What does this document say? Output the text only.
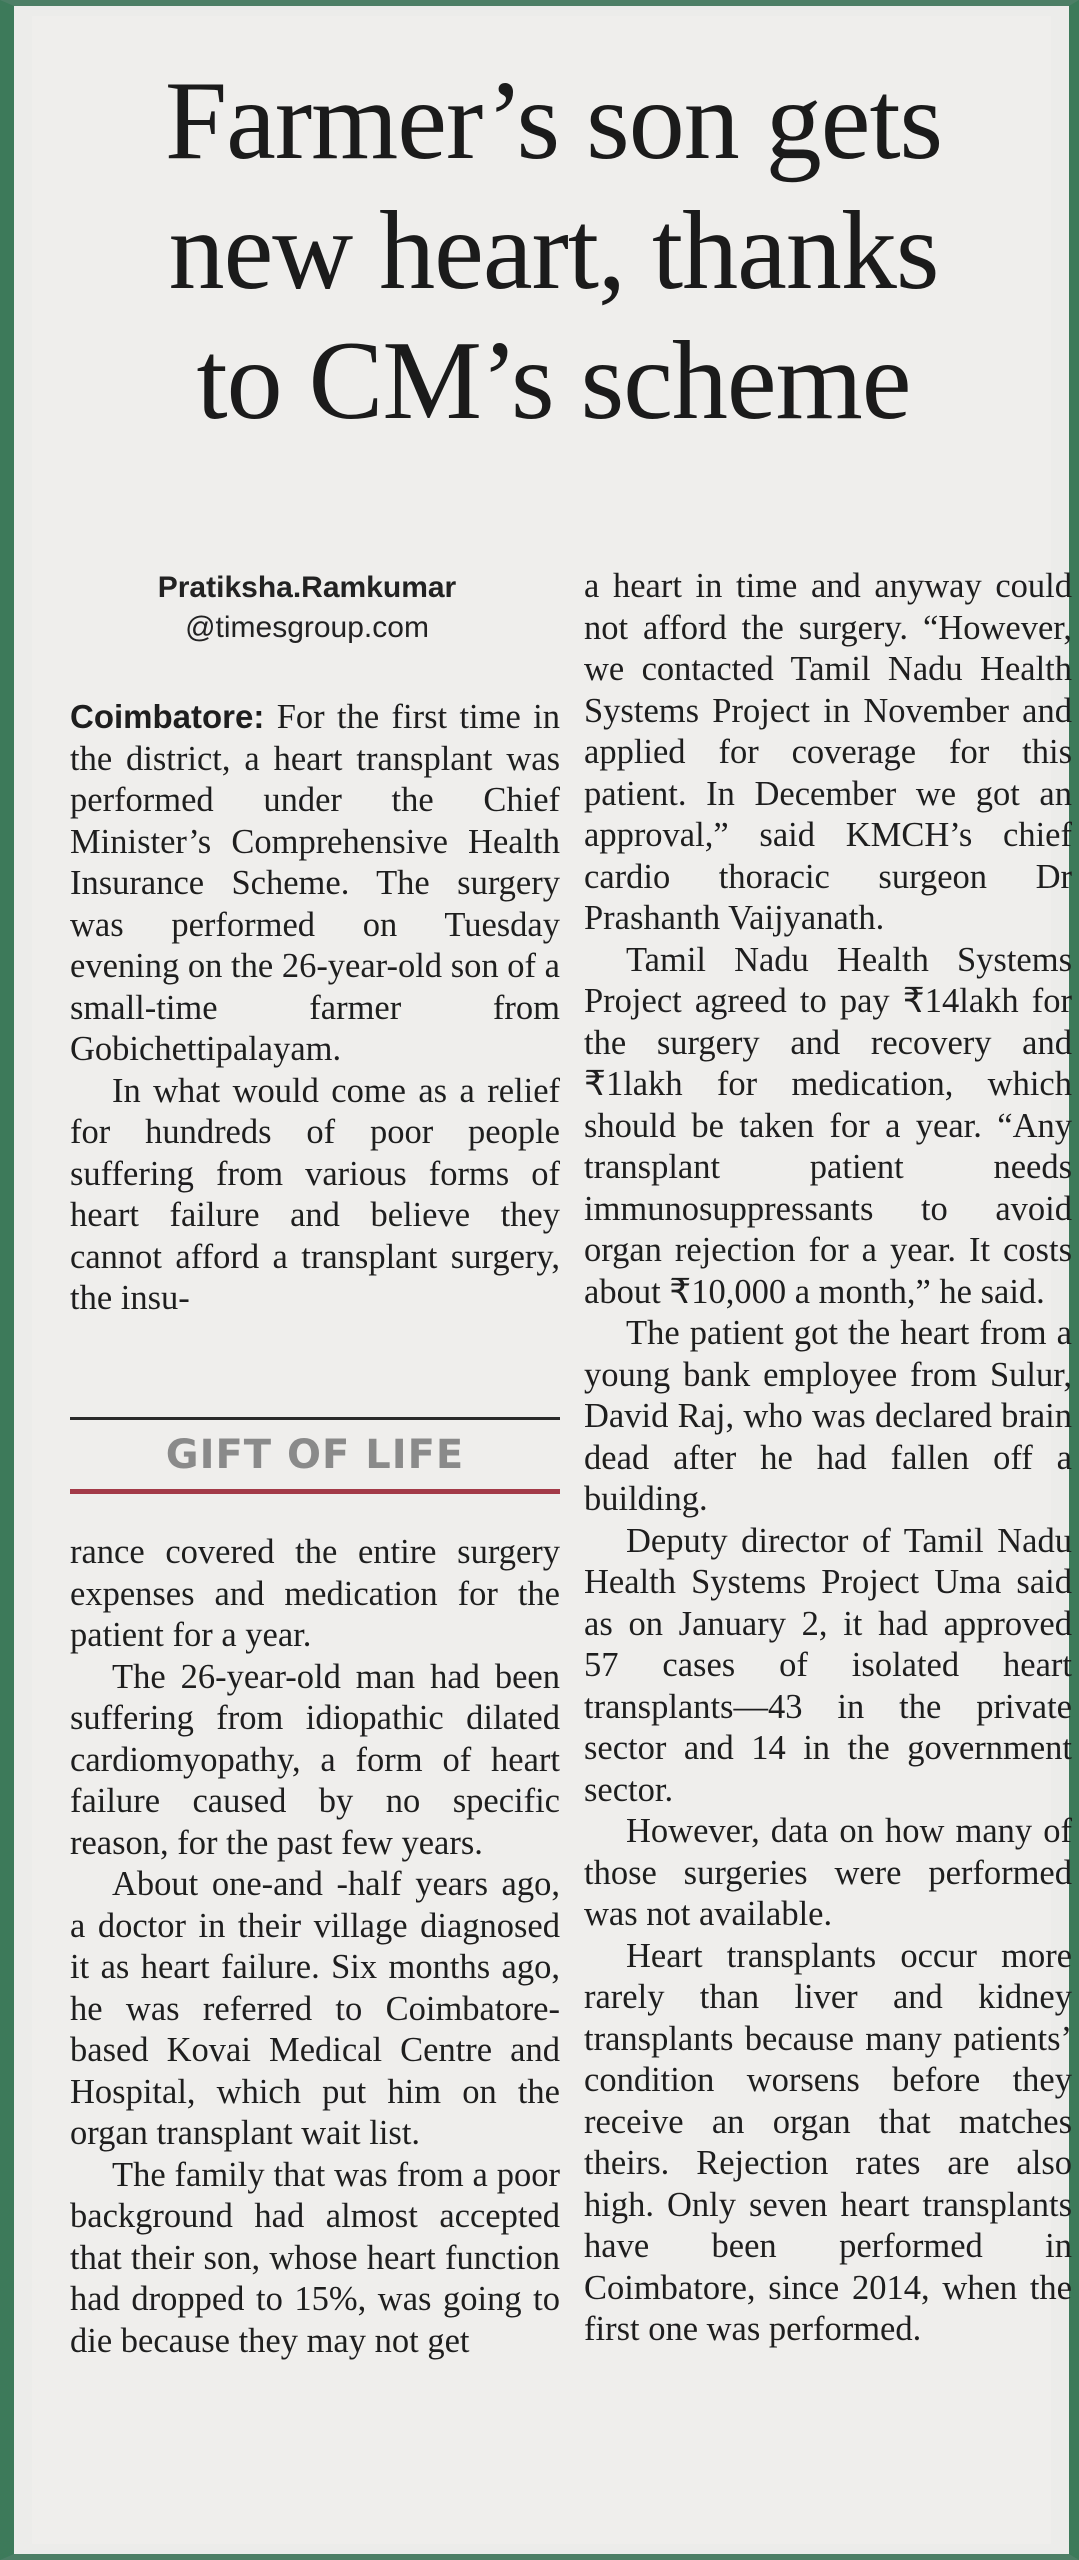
Farmer’s son gets
new heart, thanks
to CM’s scheme
Pratiksha.Ramkumar
@timesgroup.com

Coimbatore: For the first time in the district, a heart transplant was performed under the Chief Minister’s Comprehensive Health Insurance Scheme. The surgery was performed on Tuesday evening on the 26-year-old son of a small-time farmer from Gobichettipalayam.

In what would come as a relief for hundreds of poor people suffering from various forms of heart failure and believe they cannot afford a transplant surgery, the insu-

GIFT OF LIFE

rance covered the entire surgery expenses and medication for the patient for a year.

The 26-year-old man had been suffering from idiopathic dilated cardiomyopathy, a form of heart failure caused by no specific reason, for the past few years.

About one-and -half years ago, a doctor in their village diagnosed it as heart failure. Six months ago, he was referred to Coimbatore-based Kovai Medical Centre and Hospital, which put him on the organ transplant wait list.

The family that was from a poor background had almost accepted that their son, whose heart function had dropped to 15%, was going to die because they may not get

a heart in time and anyway could not afford the surgery. “However, we contacted Tamil Nadu Health Systems Project in November and applied for coverage for this patient. In December we got an approval,” said KMCH’s chief cardio thoracic surgeon Dr Prashanth Vaijyanath.

Tamil Nadu Health Systems Project agreed to pay ₹14lakh for the surgery and recovery and ₹1lakh for medication, which should be taken for a year. “Any transplant patient needs immunosuppressants to avoid organ rejection for a year. It costs about ₹10,000 a month,” he said.

The patient got the heart from a young bank employee from Sulur, David Raj, who was declared brain dead after he had fallen off a building.

Deputy director of Tamil Nadu Health Systems Project Uma said as on January 2, it had approved 57 cases of isolated heart transplants—43 in the private sector and 14 in the government sector.

However, data on how many of those surgeries were performed was not available.

Heart transplants occur more rarely than liver and kidney transplants because many patients’ condition worsens before they receive an organ that matches theirs. Rejection rates are also high. Only seven heart transplants have been performed in Coimbatore, since 2014, when the first one was performed.
